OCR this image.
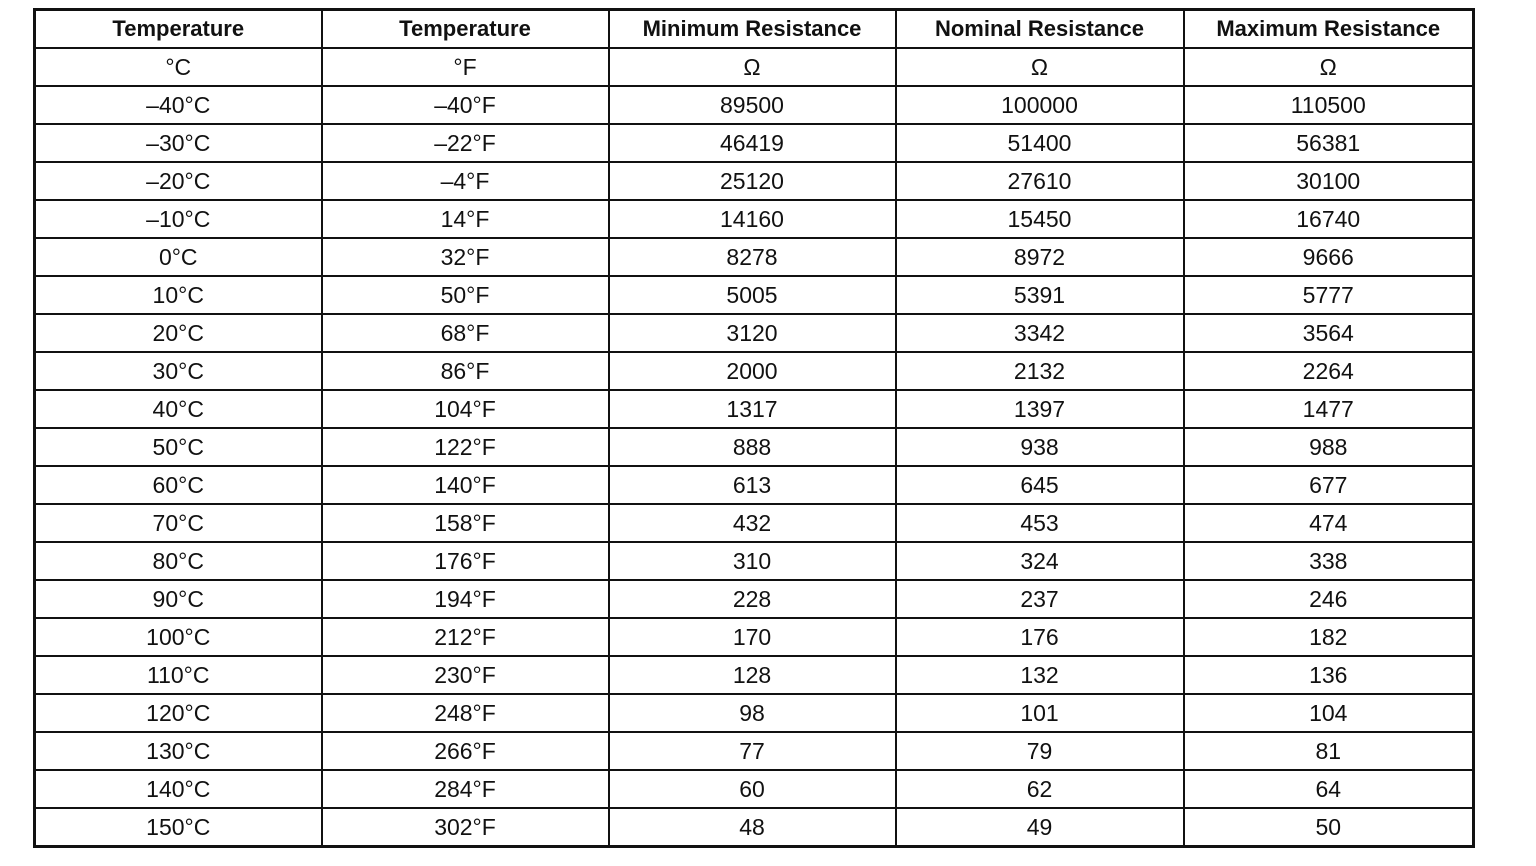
Temperature	Temperature	Minimum Resistance	Nominal Resistance	Maximum Resistance
°C	°F	Ω	Ω	Ω
–40°C	–40°F	89500	100000	110500
–30°C	–22°F	46419	51400	56381
–20°C	–4°F	25120	27610	30100
–10°C	14°F	14160	15450	16740
0°C	32°F	8278	8972	9666
10°C	50°F	5005	5391	5777
20°C	68°F	3120	3342	3564
30°C	86°F	2000	2132	2264
40°C	104°F	1317	1397	1477
50°C	122°F	888	938	988
60°C	140°F	613	645	677
70°C	158°F	432	453	474
80°C	176°F	310	324	338
90°C	194°F	228	237	246
100°C	212°F	170	176	182
110°C	230°F	128	132	136
120°C	248°F	98	101	104
130°C	266°F	77	79	81
140°C	284°F	60	62	64
150°C	302°F	48	49	50
